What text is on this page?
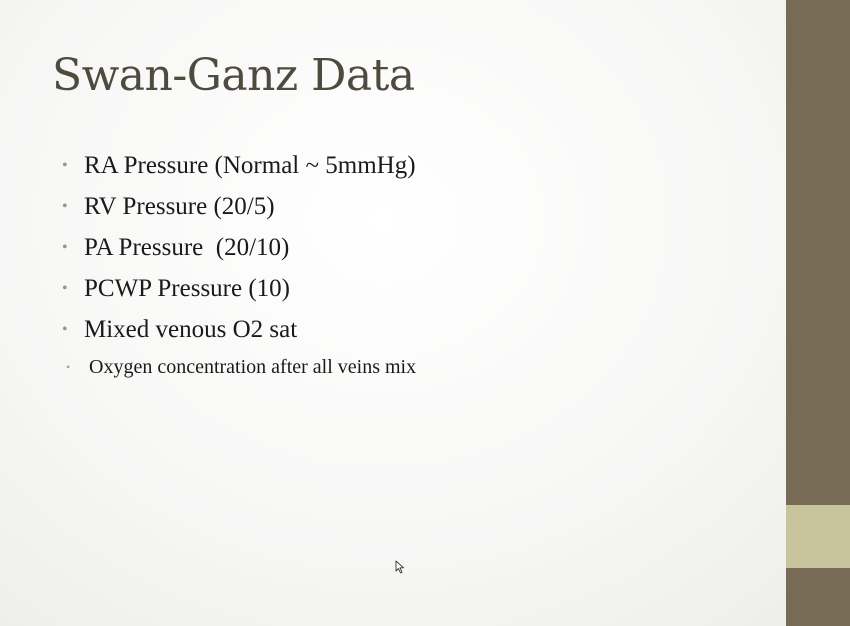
Swan-Ganz Data
• RA Pressure (Normal ~ 5mmHg)
• RV Pressure (20/5)
• PA Pressure  (20/10)
• PCWP Pressure (10)
• Mixed venous O2 sat
• Oxygen concentration after all veins mix
